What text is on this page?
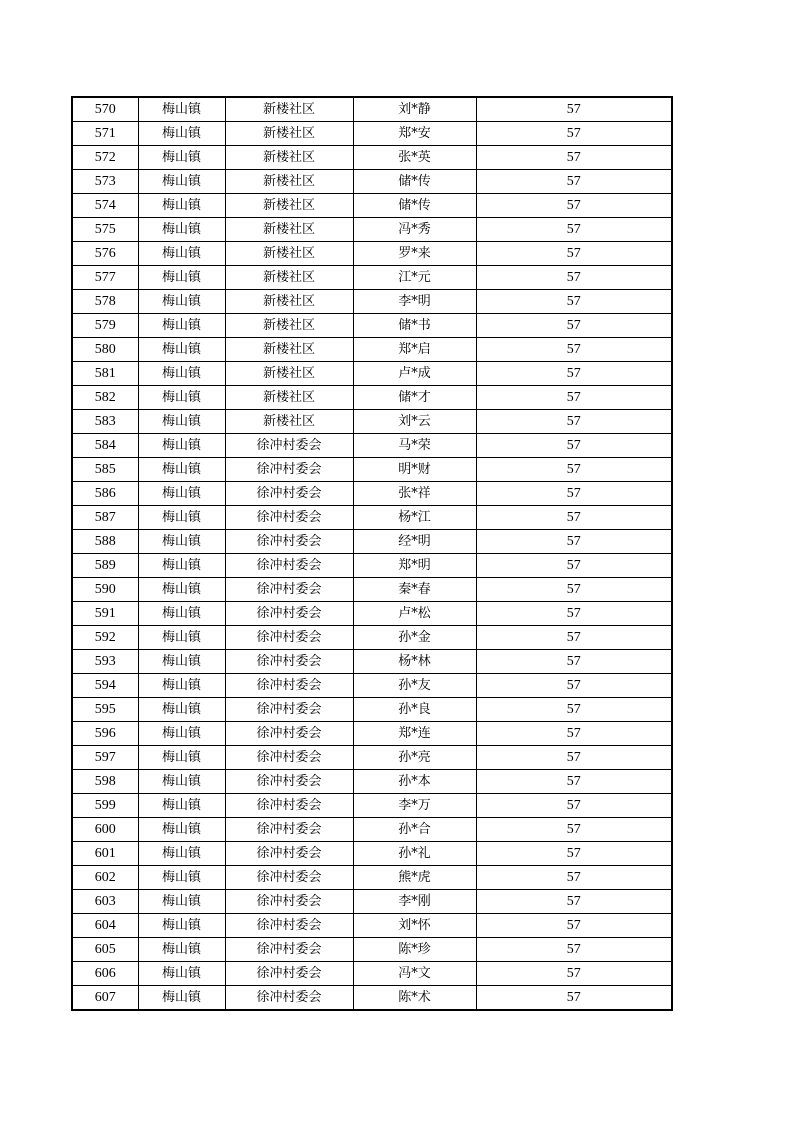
570	梅山镇	新楼社区	刘*静	57
571	梅山镇	新楼社区	郑*安	57
572	梅山镇	新楼社区	张*英	57
573	梅山镇	新楼社区	储*传	57
574	梅山镇	新楼社区	储*传	57
575	梅山镇	新楼社区	冯*秀	57
576	梅山镇	新楼社区	罗*来	57
577	梅山镇	新楼社区	江*元	57
578	梅山镇	新楼社区	李*明	57
579	梅山镇	新楼社区	储*书	57
580	梅山镇	新楼社区	郑*启	57
581	梅山镇	新楼社区	卢*成	57
582	梅山镇	新楼社区	储*才	57
583	梅山镇	新楼社区	刘*云	57
584	梅山镇	徐冲村委会	马*荣	57
585	梅山镇	徐冲村委会	明*财	57
586	梅山镇	徐冲村委会	张*祥	57
587	梅山镇	徐冲村委会	杨*江	57
588	梅山镇	徐冲村委会	经*明	57
589	梅山镇	徐冲村委会	郑*明	57
590	梅山镇	徐冲村委会	秦*春	57
591	梅山镇	徐冲村委会	卢*松	57
592	梅山镇	徐冲村委会	孙*金	57
593	梅山镇	徐冲村委会	杨*林	57
594	梅山镇	徐冲村委会	孙*友	57
595	梅山镇	徐冲村委会	孙*良	57
596	梅山镇	徐冲村委会	郑*连	57
597	梅山镇	徐冲村委会	孙*亮	57
598	梅山镇	徐冲村委会	孙*本	57
599	梅山镇	徐冲村委会	李*万	57
600	梅山镇	徐冲村委会	孙*合	57
601	梅山镇	徐冲村委会	孙*礼	57
602	梅山镇	徐冲村委会	熊*虎	57
603	梅山镇	徐冲村委会	李*刚	57
604	梅山镇	徐冲村委会	刘*怀	57
605	梅山镇	徐冲村委会	陈*珍	57
606	梅山镇	徐冲村委会	冯*文	57
607	梅山镇	徐冲村委会	陈*术	57
